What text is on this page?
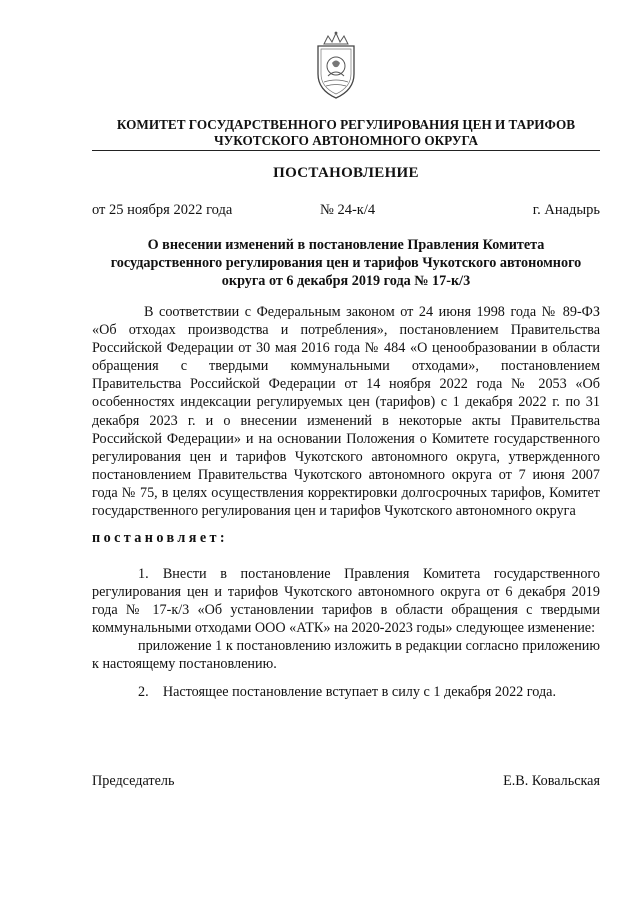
КОМИТЕТ ГОСУДАРСТВЕННОГО РЕГУЛИРОВАНИЯ ЦЕН И ТАРИФОВ
ЧУКОТСКОГО АВТОНОМНОГО ОКРУГА
ПОСТАНОВЛЕНИЕ
от 25 ноября 2022 года	№ 24-к/4	г. Анадырь
О внесении изменений в постановление Правления Комитета
государственного регулирования цен и тарифов Чукотского автономного
округа от 6 декабря 2019 года № 17-к/3

В соответствии с Федеральным законом от 24 июня 1998 года № 89-ФЗ «Об отходах производства и потребления», постановлением Правительства Российской Федерации от 30 мая 2016 года № 484 «О ценообразовании в области обращения с твердыми коммунальными отходами», постановлением Правительства Российской Федерации от 14 ноября 2022 года № 2053 «Об особенностях индексации регулируемых цен (тарифов) с 1 декабря 2022 г. по 31 декабря 2023 г. и о внесении изменений в некоторые акты Правительства Российской Федерации» и на основании Положения о Комитете государственного регулирования цен и тарифов Чукотского автономного округа, утвержденного постановлением Правительства Чукотского автономного округа от 7 июня 2007 года № 75, в целях осуществления корректировки долгосрочных тарифов, Комитет государственного регулирования цен и тарифов Чукотского автономного округа

постановляет:

1. Внести в постановление Правления Комитета государственного регулирования цен и тарифов Чукотского автономного округа от 6 декабря 2019 года № 17-к/3 «Об установлении тарифов в области обращения с твердыми коммунальными отходами ООО «АТК» на 2020-2023 годы» следующее изменение:

приложение 1 к постановлению изложить в редакции согласно приложению к настоящему постановлению.

2. Настоящее постановление вступает в силу с 1 декабря 2022 года.

Председатель	Е.В. Ковальская
